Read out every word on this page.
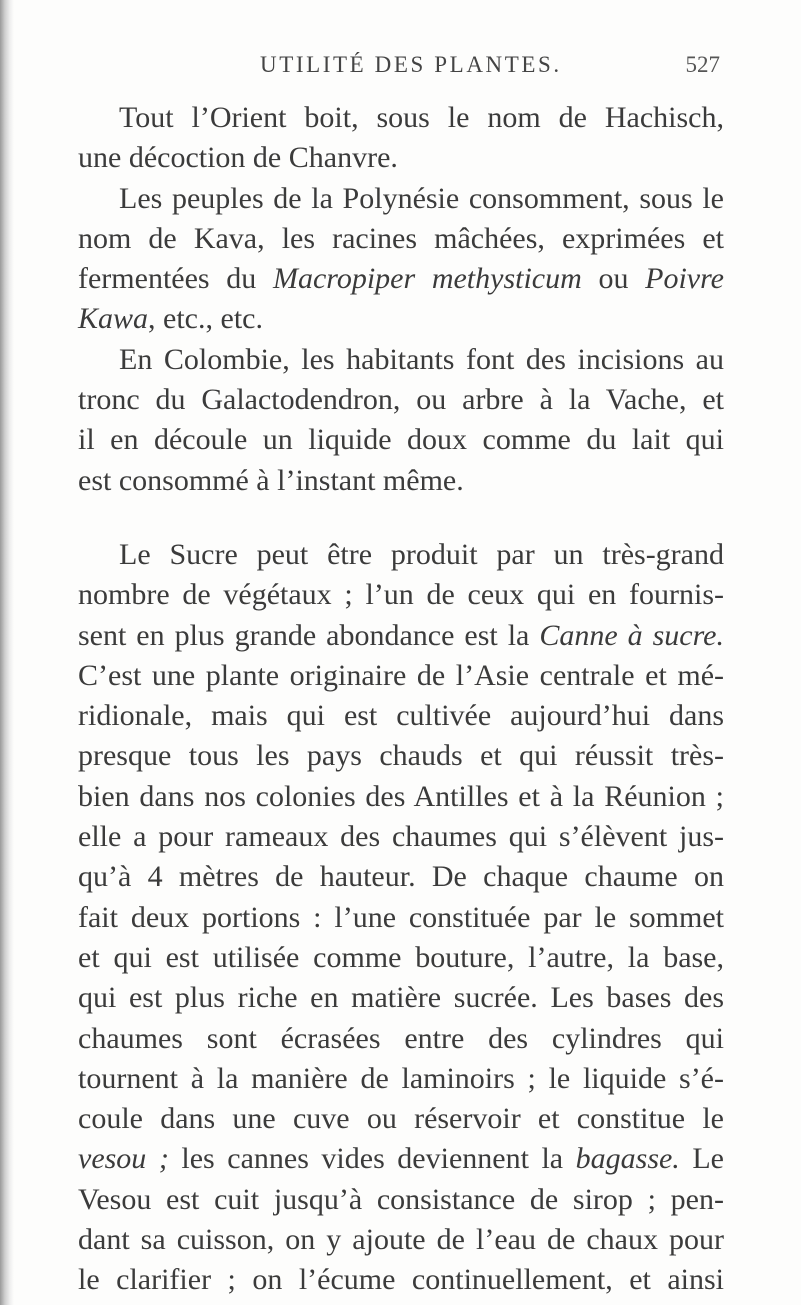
UTILITÉ DES PLANTES.	527
Tout l’Orient boit, sous le nom de Hachisch,
une décoction de Chanvre.
Les peuples de la Polynésie consomment, sous le
nom de Kava, les racines mâchées, exprimées et
fermentées du Macropiper methysticum ou Poivre
Kawa, etc., etc.
En Colombie, les habitants font des incisions au
tronc du Galactodendron, ou arbre à la Vache, et
il en découle un liquide doux comme du lait qui
est consommé à l’instant même.
Le Sucre peut être produit par un très-grand
nombre de végétaux ; l’un de ceux qui en fournis-
sent en plus grande abondance est la Canne à sucre.
C’est une plante originaire de l’Asie centrale et mé-
ridionale, mais qui est cultivée aujourd’hui dans
presque tous les pays chauds et qui réussit très-
bien dans nos colonies des Antilles et à la Réunion ;
elle a pour rameaux des chaumes qui s’élèvent jus-
qu’à 4 mètres de hauteur. De chaque chaume on
fait deux portions : l’une constituée par le sommet
et qui est utilisée comme bouture, l’autre, la base,
qui est plus riche en matière sucrée. Les bases des
chaumes sont écrasées entre des cylindres qui
tournent à la manière de laminoirs ; le liquide s’é-
coule dans une cuve ou réservoir et constitue le
vesou ; les cannes vides deviennent la bagasse. Le
Vesou est cuit jusqu’à consistance de sirop ; pen-
dant sa cuisson, on y ajoute de l’eau de chaux pour
le clarifier ; on l’écume continuellement, et ainsi
